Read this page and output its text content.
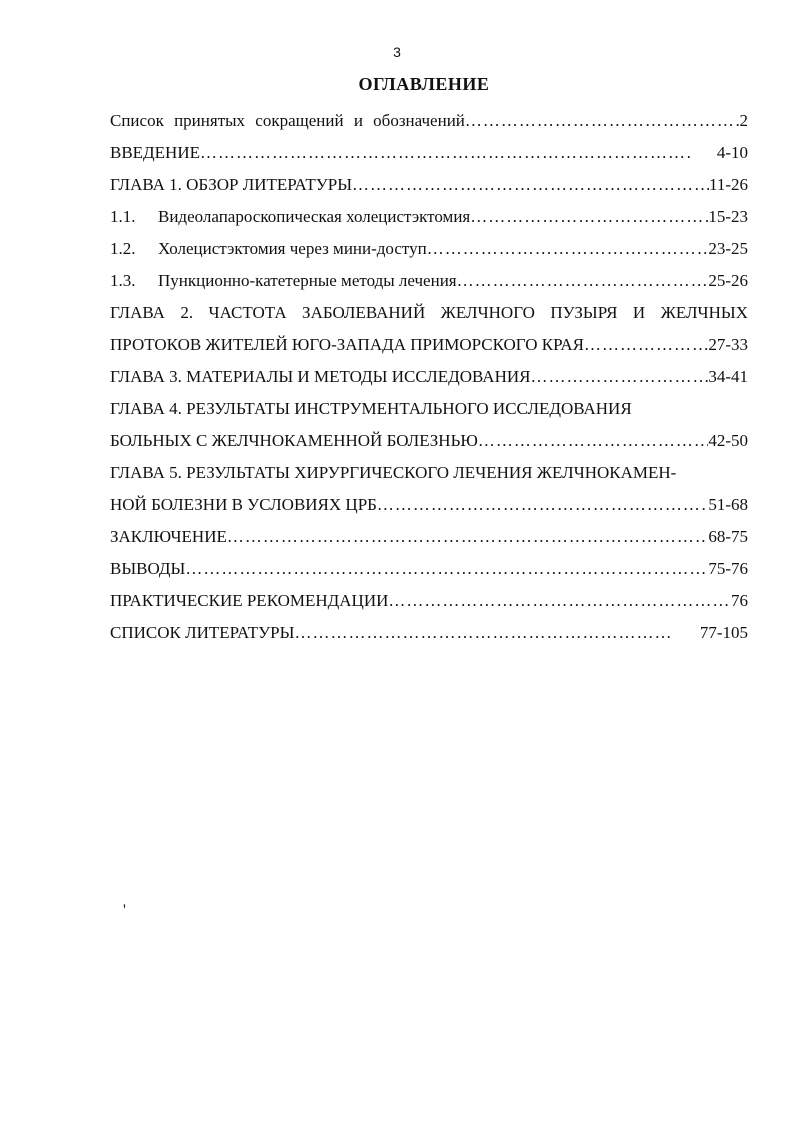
3
ОГЛАВЛЕНИЕ
Список принятых сокращений и обозначений ………………………………………………………………………………………………………………………………………………………………………………………………………………………………………	2
ВВЕДЕНИЕ ………………………………………………………………………………………………………………………………………………………………………………………………………………………………………	4-10
ГЛАВА 1. ОБЗОР ЛИТЕРАТУРЫ ………………………………………………………………………………………………………………………………………………………………………………………………………………………………………	11-26
1.1.	Видеолапароскопическая холецистэктомия ………………………………………………………………………………………………………………………………………………………………………………………………………………………………………	15-23
1.2.	Холецистэктомия через мини-доступ ………………………………………………………………………………………………………………………………………………………………………………………………………………………………………	23-25
1.3.	Пункционно-катетерные методы лечения ………………………………………………………………………………………………………………………………………………………………………………………………………………………………………	25-26
ГЛАВА 2. ЧАСТОТА ЗАБОЛЕВАНИЙ ЖЕЛЧНОГО ПУЗЫРЯ И ЖЕЛЧНЫХ
ПРОТОКОВ ЖИТЕЛЕЙ ЮГО-ЗАПАДА ПРИМОРСКОГО КРАЯ ………………………………………………………………………………………………………………………………………………………………………………………………………………………………………	27-33
ГЛАВА 3. МАТЕРИАЛЫ И МЕТОДЫ ИССЛЕДОВАНИЯ ………………………………………………………………………………………………………………………………………………………………………………………………………………………………………	34-41
ГЛАВА 4. РЕЗУЛЬТАТЫ ИНСТРУМЕНТАЛЬНОГО ИССЛЕДОВАНИЯ
БОЛЬНЫХ С ЖЕЛЧНОКАМЕННОЙ БОЛЕЗНЬЮ ………………………………………………………………………………………………………………………………………………………………………………………………………………………………………	42-50
ГЛАВА 5. РЕЗУЛЬТАТЫ ХИРУРГИЧЕСКОГО ЛЕЧЕНИЯ ЖЕЛЧНОКАМЕН-
НОЙ БОЛЕЗНИ В УСЛОВИЯХ ЦРБ ………………………………………………………………………………………………………………………………………………………………………………………………………………………………………	51-68
ЗАКЛЮЧЕНИЕ ………………………………………………………………………………………………………………………………………………………………………………………………………………………………………	68-75
ВЫВОДЫ ………………………………………………………………………………………………………………………………………………………………………………………………………………………………………	75-76
ПРАКТИЧЕСКИЕ РЕКОМЕНДАЦИИ ………………………………………………………………………………………………………………………………………………………………………………………………………………………………………	76
СПИСОК ЛИТЕРАТУРЫ ………………………………………………………………………………………………………………………………………………………………………………………………………………………………………	77-105
'
